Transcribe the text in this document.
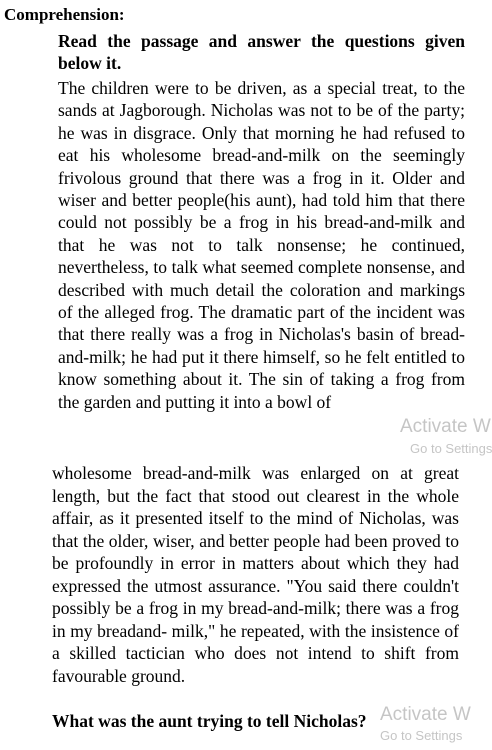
Comprehension:

Read the passage and answer the questions given below it.

The children were to be driven, as a special treat, to the sands at Jagborough. Nicholas was not to be of the party; he was in disgrace. Only that morning he had refused to eat his wholesome bread-and-milk on the seemingly frivolous ground that there was a frog in it. Older and wiser and better people(his aunt), had told him that there could not possibly be a frog in his bread-and-milk and that he was not to talk nonsense; he continued, nevertheless, to talk what seemed complete nonsense, and described with much detail the coloration and markings of the alleged frog. The dramatic part of the incident was that there really was a frog in Nicholas's basin of bread-and-milk; he had put it there himself, so he felt entitled to know something about it. The sin of taking a frog from the garden and putting it into a bowl of

wholesome bread-and-milk was enlarged on at great length, but the fact that stood out clearest in the whole affair, as it presented itself to the mind of Nicholas, was that the older, wiser, and better people had been proved to be profoundly in error in matters about which they had expressed the utmost assurance. "You said there couldn't possibly be a frog in my bread-and-milk; there was a frog in my breadand- milk," he repeated, with the insistence of a skilled tactician who does not intend to shift from favourable ground.

What was the aunt trying to tell Nicholas?

Activate W
Go to Settings
Activate W
Go to Settings
